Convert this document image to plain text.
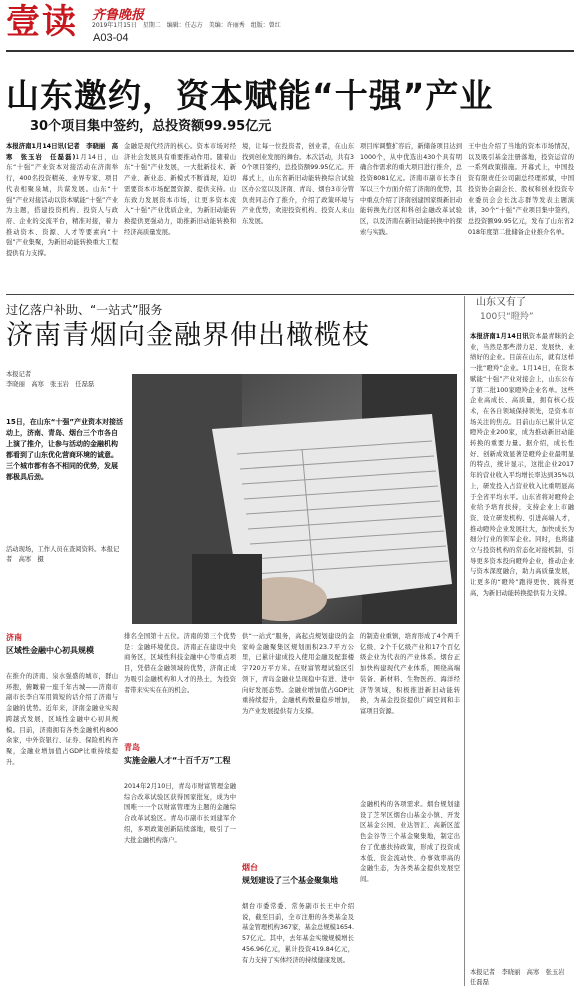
壹读 齐鲁晚报
2019年1月15日　星期二　编辑：任志方　美编：许丽秀　组版：曾红
A03-04
山东邀约，资本赋能“十强”产业
30个项目集中签约，总投资额99.95亿元
本报济南1月14日讯(记者　李晓丽　高寒　张玉岩　任磊磊)1月14日，山东“十强”产业资本对接活动在济南举行，400名投资精英、业界专家、项目代表相聚泉城，共谋发展。山东“十强”产业对接活动以资本赋能“十强”产业为主题，搭建投资机构、投资人与政府、企业的交流平台，精准对接，着力推动资本、资源、人才等要素向“十强”产业集聚，为新旧动能转换重大工程提供有力支撑。
金融是现代经济的核心。资本市场对经济社会发展具有重要推动作用。随着山东“十强”产业发展，一大批新技术、新产业、新业态、新模式不断涌现，迫切需要资本市场配置资源、提供支持。山东致力发展资本市场，让更多资本流入“十强”产业优质企业，为新旧动能转换提供更强动力，助推新旧动能转换和经济高质量发展。
境，让每一位投资者，创业者，在山东找到创业发展的舞台。本次活动，共有30个项目签约，总投资额99.95亿元。开幕式上，山东省新旧动能转换综合试验区办公室以及济南、青岛、烟台3市分管负责同志作了推介，介绍了政策环境与产业优势，欢迎投资机构、投资人来山东发展。
项目库调整扩容后，新储备项目达到1000个，从中优选出430个具有明确合作需求的重大项目进行推介，总投资8081亿元。济南市副市长李自军以三个方面介绍了济南的优势，其中重点介绍了济南创建国家级新旧动能转换先行区和科创金融改革试验区，以及济南在新旧动能转换中的探索与实践。
王中也介绍了当地的资本市场情况，以及吸引基金注册落地，投资运营的一系列政策措施。开幕式上，中国投资有限责任公司副总经理祁斌，中国投资协会副会长、股权和创业投资专业委员会会长沈志群等发表主题演讲，30个“十强”产业项目集中签约，总投资额99.95亿元，发布了山东省2018年度第二批储备企业推介名单。
过亿落户补助、“一站式”服务
济南青烟向金融界伸出橄榄枝
本报记者
李晓丽　高寒　张玉岩　任磊磊
15日，在山东“十强”产业资本对接活动上，济南、青岛、烟台三个市各自上演了推介，让参与活动的金融机构都看到了山东优化营商环境的诚意。三个城市都有各不相同的优势，发展都极具后劲。
活动现场，工作人员在查阅资料。本报记者　高寒　摄
山东又有了
100只“瞪羚”
本报济南1月14日讯资本最青睐的企业，当然是那些潜力足、发展快、业绩好的企业。目前在山东，就有这样一批“瞪羚”企业。1月14日，在资本赋能“十强”产业对接会上，山东公布了第二批100家瞪羚企业名单。这些企业高成长、高质量，拥有核心技术，在各自领域保持领先，是资本市场关注的焦点。目前山东已累计认定瞪羚企业200家，成为推动新旧动能转换的重要力量。据介绍，成长性好、创新成效显著是瞪羚企业最明显的特点，统计显示，这批企业2017年的营业收入平均增长率达到35%以上，研发投入占营业收入比重明显高于全省平均水平。山东省将对瞪羚企业给予培育扶持，支持企业上市融资、设立研发机构、引进高端人才，推动瞪羚企业发展壮大，加快成长为细分行业的领军企业。同时，也将建立与投资机构的常态化对接机制，引导更多资本投向瞪羚企业，推动企业与资本深度融合，助力高质量发展，让更多的“瞪羚”跑得更快、跳得更高，为新旧动能转换提供有力支撑。
本报记者　李晓丽　高寒　张玉岩　任磊磊
济南
区域性金融中心初具规模
在推介的济南、泉水强盛的城市，群山环抱，俯瞰着一座千年古城——济南市副市长李自军用简短的话介绍了济南与金融的优势。近年来，济南金融业实现跨越式发展，区域性金融中心初具规模。目前，济南拥有各类金融机构800余家，中外资银行、证券、保险机构齐聚，金融业增加值占GDP比重持续提升。
排名全国第十五位。济南的第三个优势是：金融环境优良。济南正在建设中央商务区，区域性科技金融中心等重点项目，凭借在金融领域的优势，济南正成为吸引金融机构和人才的热土，为投资者带来实实在在的机会。
青岛
实施金融人才“十百千万”工程
2014年2月10日，青岛市财富管理金融综合改革试验区获得国家批复，成为中国唯一一个以财富管理为主题的金融综合改革试验区。青岛市副市长刘建军介绍，多项政策创新陆续落地，吸引了一大批金融机构落户。
供“一站式”服务，高起点规划建设的金家岭金融聚集区规划面积23.7平方公里，已累计建成投入使用金融及配套楼宇720万平方米。在财富管理试验区引领下，青岛金融业呈现稳中有进、进中向好发展态势。金融业增加值占GDP比重持续提升，金融机构数量稳步增加，为产业发展提供有力支撑。
的制造业重镇，培育形成了4个两千亿级、2个千亿级产业和17个百亿级企业为代表的产业体系。烟台正加快构建现代产业体系，围绕高端装备、新材料、生物医药、海洋经济等领域，积极推进新旧动能转换，为基金投资提供广阔空间和丰富项目资源。
烟台
规划建设了三个基金聚集地
烟台市委常委、常务副市长王中介绍说，截至目前，全市注册的各类基金及基金管理机构367家，基金总规模1654.57亿元。其中，去年基金实缴规模增长456.96亿元，累计投资419.84亿元，有力支持了实体经济的持续健康发展。
金融机构的各项需求。烟台规划建设了芝罘区烟台山基金小镇、开发区基金公园、业达智汇、高新区蓝色金谷等三个基金聚集地，制定出台了优惠扶持政策，形成了投资成本低、资金流动快、办事效率高的金融生态，为各类基金提供发展空间。
